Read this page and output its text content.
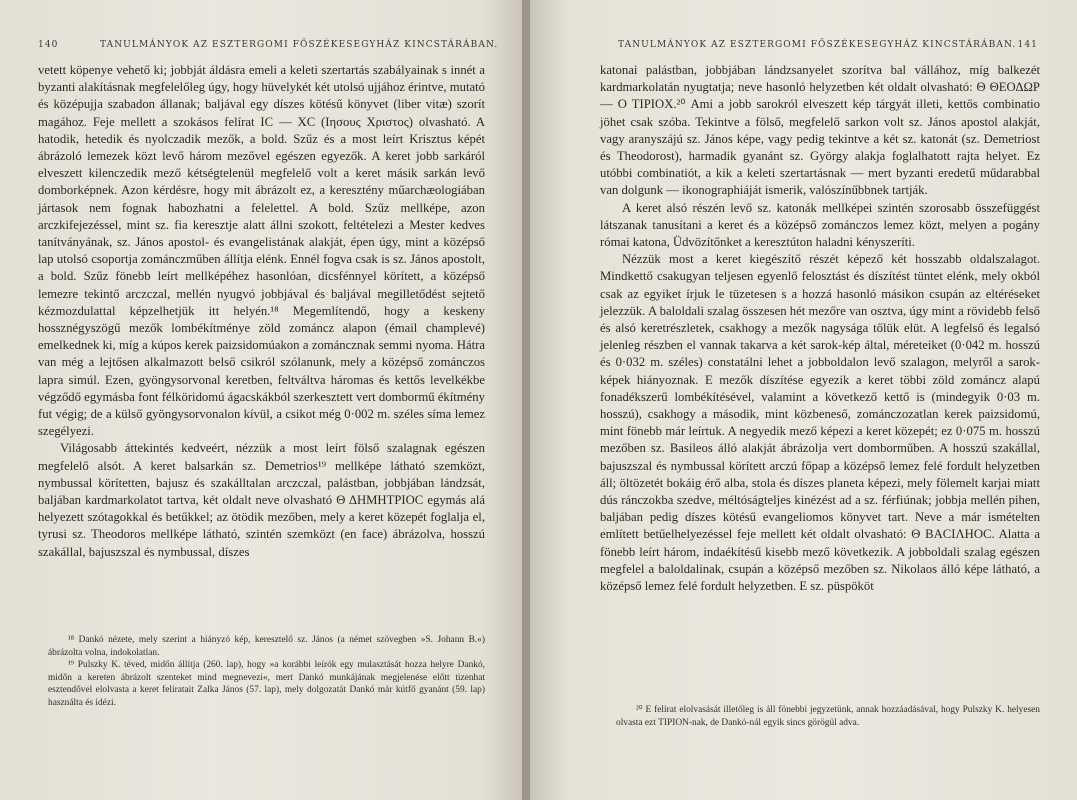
140	TANULMÁNYOK AZ ESZTERGOMI FŐSZÉKESEGYHÁZ KINCSTÁRÁBAN.

vetett köpenye vehető ki; jobbját áldásra emeli a keleti szertartás szabályainak s innét a byzanti alakításnak megfelelőleg úgy, hogy hüvelykét két utolsó ujjához érintve, mutató és középujja szabadon állanak; baljával egy díszes kötésű könyvet (liber vitæ) szorít magához. Feje mellett a szokásos felírat IC — XC (Ιησους Χριστος) olvasható. A hatodik, hetedik és nyolczadik mezők, a bold. Szűz és a most leírt Krisztus képét ábrázoló lemezek közt levő három mezővel egészen egyezők. A keret jobb sarkáról elveszett kilenczedik mező kétségtelenül megfelelő volt a keret másik sarkán levő domborképnek. Azon kérdésre, hogy mit ábrázolt ez, a keresztény műarchæologiában jártasok nem fognak habozhatni a felelettel. A bold. Szűz mellképe, azon arczkifejezéssel, mint sz. fia keresztje alatt állni szokott, feltételezi a Mester kedves tanítványának, sz. János apostol- és evangelistának alakját, épen úgy, mint a középső lap utolsó csoportja zománczműben állítja elénk. Ennél fogva csak is sz. János apostolt, a bold. Szűz fönebb leírt mellképéhez hasonlóan, dicsfénnyel körített, a középső lemezre tekintő arczczal, mellén nyugvó jobbjával és baljával megilletődést sejtető kézmozdulattal képzelhetjük itt helyén.¹⁸ Megemlítendő, hogy a keskeny hossznégyszögű mezők lombékítménye zöld zománcz alapon (émail champlevé) emelkednek ki, míg a kúpos kerek paizsidomúakon a zománcznak semmi nyoma. Hátra van még a lejtősen alkalmazott belső csikról szólanunk, mely a középső zománczos lapra simúl. Ezen, gyöngysorvonal keretben, feltváltva háromas és kettős levelkékbe végződő egymásba font félköridomú ágacskákból szerkesztett vert dombormű ékítmény fut végig; de a külső gyöngysorvonalon kívül, a csikot még 0·002 m. széles síma lemez szegélyezi.

Világosabb áttekintés kedveért, nézzük a most leírt fölső szalagnak egészen megfelelő alsót. A keret balsarkán sz. Demetrios¹⁹ mellképe látható szemközt, nymbussal körítetten, bajusz és szakálltalan arczczal, palástban, jobbjában lándzsát, baljában kardmarkolatot tartva, két oldalt neve olvasható Θ ΔΗΜΗΤΡΙΟC egymás alá helyezett szótagokkal és betűkkel; az ötödik mezőben, mely a keret közepét foglalja el, tyrusi sz. Theodoros mellképe látható, szintén szemközt (en face) ábrázolva, hosszú szakállal, bajuszszal és nymbussal, díszes

¹⁸ Dankó nézete, mely szerint a hiányzó kép, keresztelő sz. János (a német szövegben »S. Johann B.«) ábrázolta volna, indokolatlan.

¹⁹ Pulszky K. téved, midőn állítja (260. lap), hogy »a korábbi leírók egy mulasztását hozza helyre Dankó, midőn a kereten ábrázolt szenteket mind megnevezi«, mert Dankó munkájának megjelenése előtt tizenhat esztendővel elolvasta a keret felíratait Zalka János (57. lap), mely dolgozatát Dankó már kútfő gyanánt (59. lap) használta és idézi.

TANULMÁNYOK AZ ESZTERGOMI FŐSZÉKESEGYHÁZ KINCSTÁRÁBAN. 141

katonai palástban, jobbjában lándzsanyelet szorítva bal vállához, míg balkezét kardmarkolatán nyugtatja; neve hasonló helyzetben két oldalt olvasható: Θ ΘΕΟΔΩΡ — Ο ΤΙΡΙΟΧ.²⁰ Ami a jobb sarokról elveszett kép tárgyát illeti, kettős combinatio jöhet csak szóba. Tekintve a fölső, megfelelő sarkon volt sz. János apostol alakját, vagy aranyszájú sz. János képe, vagy pedig tekintve a két sz. katonát (sz. Demetriost és Theodorost), harmadik gyanánt sz. György alakja foglalhatott rajta helyet. Ez utóbbi combinatiót, a kik a keleti szertartásnak — mert byzanti eredetű műdarabbal van dolgunk — ikonographiáját ismerik, valószínűbbnek tartják.

A keret alsó részén levő sz. katonák mellképei szintén szorosabb összefüggést látszanak tanusítani a keret és a középső zománczos lemez közt, melyen a pogány római katona, Üdvözítőnket a keresztúton haladni kényszeríti.

Nézzük most a keret kiegészítő részét képező két hosszabb oldalszalagot. Mindkettő csakugyan teljesen egyenlő felosztást és díszítést tüntet elénk, mely okból csak az egyiket írjuk le tüzetesen s a hozzá hasonló másikon csupán az eltéréseket jelezzük. A baloldali szalag összesen hét mezőre van osztva, úgy mint a rövidebb felső és alsó keretrészletek, csakhogy a mezők nagysága tőlük elüt. A legfelső és legalsó jelenleg részben el vannak takarva a két sarok-kép által, méreteiket (0·042 m. hosszú és 0·032 m. széles) constatálni lehet a jobboldalon levő szalagon, melyről a sarok-képek hiányoznak. E mezők díszítése egyezik a keret többi zöld zománcz alapú fonadékszerű lombékítésével, valamint a következő kettő is (mindegyik 0·03 m. hosszú), csakhogy a második, mint közbeneső, zománczozatlan kerek paizsidomú, mint fönebb már leírtuk. A negyedik mező képezi a keret közepét; ez 0·075 m. hosszú mezőben sz. Basileos álló alakját ábrázolja vert domborműben. A hosszú szakállal, bajuszszal és nymbussal körített arczú főpap a középső lemez felé fordult helyzetben áll; öltözetét bokáig érő alba, stola és díszes planeta képezi, mely fölemelt karjai miatt dús ránczokba szedve, méltóságteljes kinézést ad a sz. férfiúnak; jobbja mellén pihen, baljában pedig díszes kötésű evangeliomos könyvet tart. Neve a már ismételten említett betűelhelyezéssel feje mellett két oldalt olvasható: Θ ΒΑCΙΛΗΟC. Alatta a fönebb leírt három, indaékítésű kisebb mező következik. A jobboldali szalag egészen megfelel a baloldalinak, csupán a középső mezőben sz. Nikolaos álló képe látható, a középső lemez felé fordult helyzetben. E sz. püspököt

²⁰ E felírat elolvasását illetőleg is áll fönebbi jegyzetünk, annak hozzáadásával, hogy Pulszky K. helyesen olvasta ezt ΤΙΡΙΟΝ-nak, de Dankó-nál egyik sincs görögül adva.
